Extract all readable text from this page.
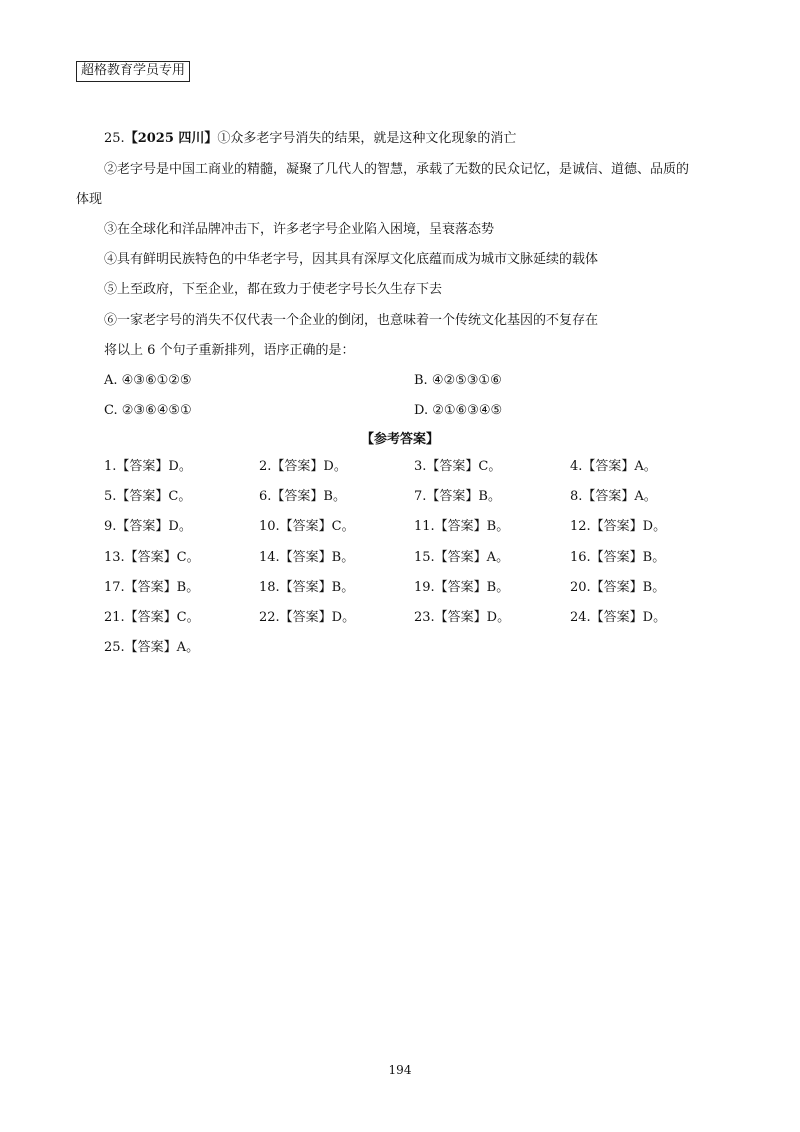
超格教育学员专用
25.【2025 四川】①众多老字号消失的结果，就是这种文化现象的消亡
②老字号是中国工商业的精髓，凝聚了几代人的智慧，承载了无数的民众记忆，是诚信、道德、品质的
体现
③在全球化和洋品牌冲击下，许多老字号企业陷入困境，呈衰落态势
④具有鲜明民族特色的中华老字号，因其具有深厚文化底蕴而成为城市文脉延续的载体
⑤上至政府，下至企业，都在致力于使老字号长久生存下去
⑥一家老字号的消失不仅代表一个企业的倒闭，也意味着一个传统文化基因的不复存在
将以上 6 个句子重新排列，语序正确的是：
A. ④③⑥①②⑤	B. ④②⑤③①⑥
C. ②③⑥④⑤①	D. ②①⑥③④⑤
【参考答案】
1.【答案】D。	2.【答案】D。	3.【答案】C。	4.【答案】A。
5.【答案】C。	6.【答案】B。	7.【答案】B。	8.【答案】A。
9.【答案】D。	10.【答案】C。	11.【答案】B。	12.【答案】D。
13.【答案】C。	14.【答案】B。	15.【答案】A。	16.【答案】B。
17.【答案】B。	18.【答案】B。	19.【答案】B。	20.【答案】B。
21.【答案】C。	22.【答案】D。	23.【答案】D。	24.【答案】D。
25.【答案】A。
194
